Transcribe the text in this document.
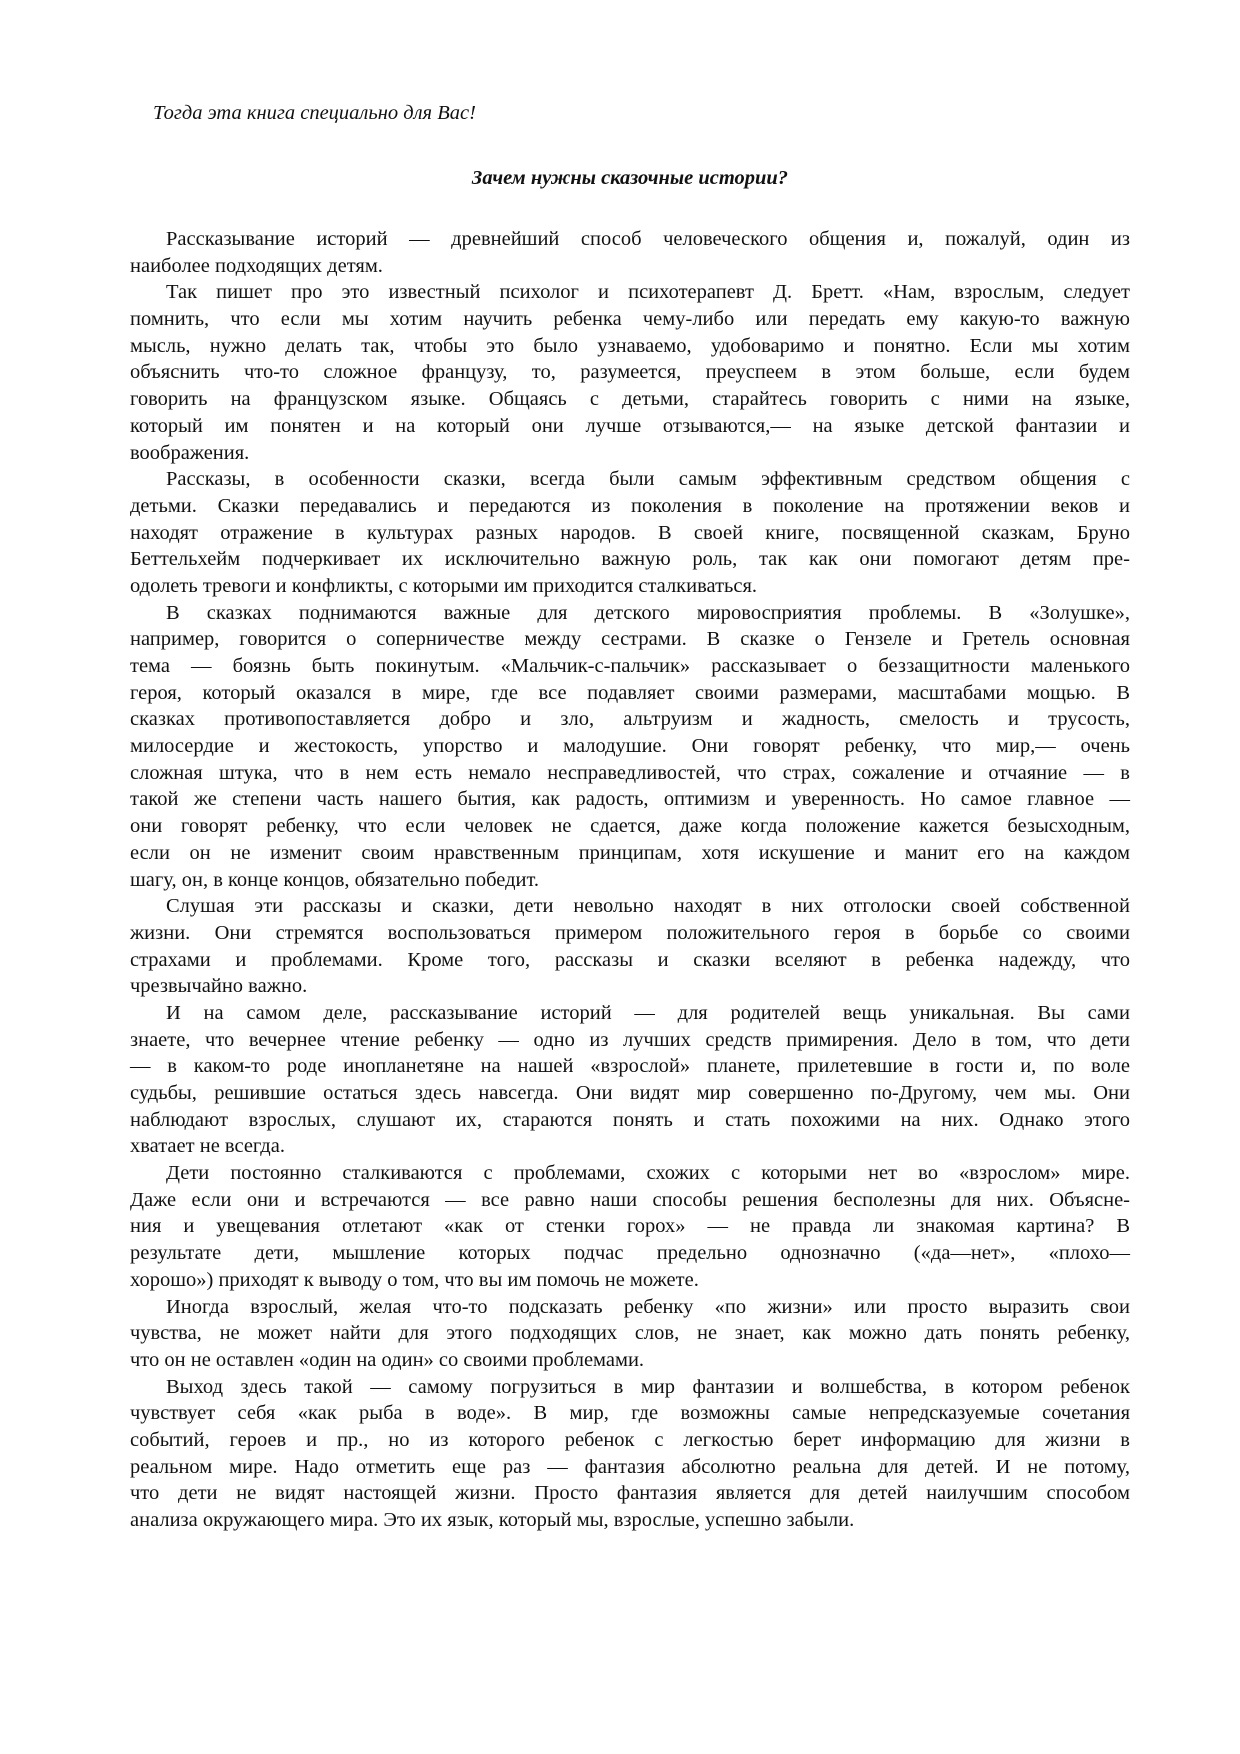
Тогда эта книга специально для Вас!
Зачем нужны сказочные истории?
Рассказывание историй — древнейший способ человеческого общения и, пожалуй, один из
наиболее подходящих детям.
Так пишет про это известный психолог и психотерапевт Д. Бретт. «Нам, взрослым, следует
помнить, что если мы хотим научить ребенка чему-либо или передать ему какую-то важную
мысль, нужно делать так, чтобы это было узнаваемо, удобоваримо и понятно. Если мы хотим
объяснить что-то сложное французу, то, разумеется, преуспеем в этом больше, если будем
говорить на французском языке. Общаясь с детьми, старайтесь говорить с ними на языке,
который им понятен и на который они лучше отзываются,— на языке детской фантазии и
воображения.
Рассказы, в особенности сказки, всегда были самым эффективным средством общения с
детьми. Сказки передавались и передаются из поколения в поколение на протяжении веков и
находят отражение в культурах разных народов. В своей книге, посвященной сказкам, Бруно
Беттельхейм подчеркивает их исключительно важную роль, так как они помогают детям пре-
одолеть тревоги и конфликты, с которыми им приходится сталкиваться.
В сказках поднимаются важные для детского мировосприятия проблемы. В «Золушке»,
например, говорится о соперничестве между сестрами. В сказке о Гензеле и Гретель основная
тема — боязнь быть покинутым. «Мальчик-с-пальчик» рассказывает о беззащитности маленького
героя, который оказался в мире, где все подавляет своими размерами, масштабами мощью. В
сказках противопоставляется добро и зло, альтруизм и жадность, смелость и трусость,
милосердие и жестокость, упорство и малодушие. Они говорят ребенку, что мир,— очень
сложная штука, что в нем есть немало несправедливостей, что страх, сожаление и отчаяние — в
такой же степени часть нашего бытия, как радость, оптимизм и уверенность. Но самое главное —
они говорят ребенку, что если человек не сдается, даже когда положение кажется безысходным,
если он не изменит своим нравственным принципам, хотя искушение и манит его на каждом
шагу, он, в конце концов, обязательно победит.
Слушая эти рассказы и сказки, дети невольно находят в них отголоски своей собственной
жизни. Они стремятся воспользоваться примером положительного героя в борьбе со своими
страхами и проблемами. Кроме того, рассказы и сказки вселяют в ребенка надежду, что
чрезвычайно важно.
И на самом деле, рассказывание историй — для родителей вещь уникальная. Вы сами
знаете, что вечернее чтение ребенку — одно из лучших средств примирения. Дело в том, что дети
— в каком-то роде инопланетяне на нашей «взрослой» планете, прилетевшие в гости и, по воле
судьбы, решившие остаться здесь навсегда. Они видят мир совершенно по-Другому, чем мы. Они
наблюдают взрослых, слушают их, стараются понять и стать похожими на них. Однако этого
хватает не всегда.
Дети постоянно сталкиваются с проблемами, схожих с которыми нет во «взрослом» мире.
Даже если они и встречаются — все равно наши способы решения бесполезны для них. Объясне-
ния и увещевания отлетают «как от стенки горох» — не правда ли знакомая картина? В
результате дети, мышление которых подчас предельно однозначно («да—нет», «плохо—
хорошо») приходят к выводу о том, что вы им помочь не можете.
Иногда взрослый, желая что-то подсказать ребенку «по жизни» или просто выразить свои
чувства, не может найти для этого подходящих слов, не знает, как можно дать понять ребенку,
что он не оставлен «один на один» со своими проблемами.
Выход здесь такой — самому погрузиться в мир фантазии и волшебства, в котором ребенок
чувствует себя «как рыба в воде». В мир, где возможны самые непредсказуемые сочетания
событий, героев и пр., но из которого ребенок с легкостью берет информацию для жизни в
реальном мире. Надо отметить еще раз — фантазия абсолютно реальна для детей. И не потому,
что дети не видят настоящей жизни. Просто фантазия является для детей наилучшим способом
анализа окружающего мира. Это их язык, который мы, взрослые, успешно забыли.
